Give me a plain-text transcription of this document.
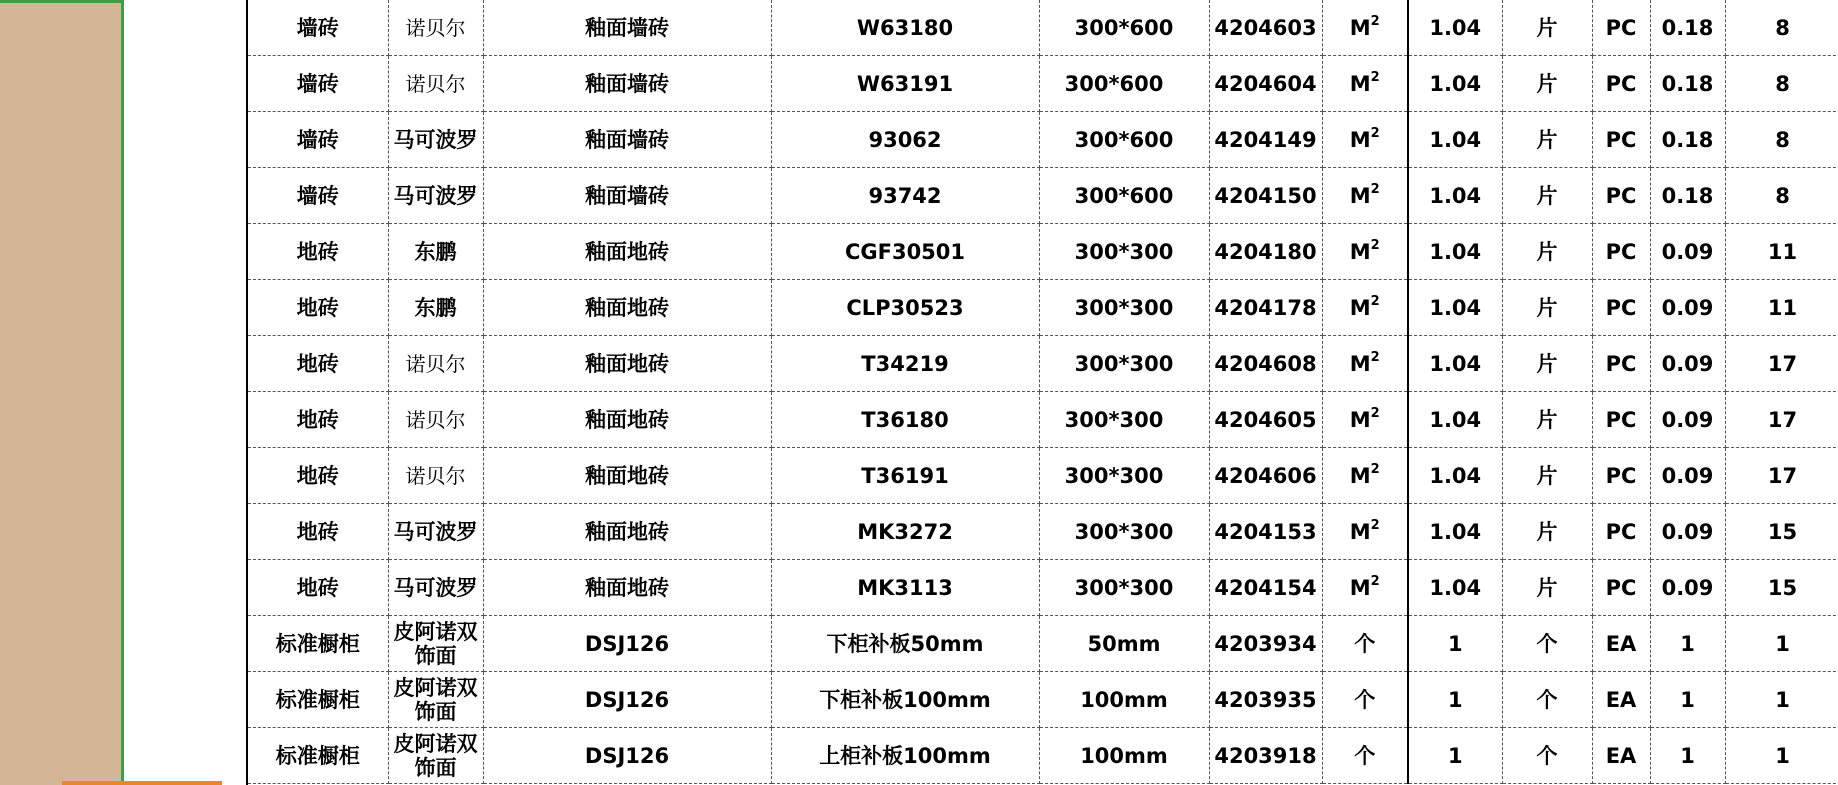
墙砖	诺贝尔	釉面墙砖	W63180	300*600	4204603	$M^2$	1.04	片	PC	0.18	8
墙砖	诺贝尔	釉面墙砖	W63191	300*600	4204604	$M^2$	1.04	片	PC	0.18	8
墙砖	马可波罗	釉面墙砖	93062	300*600	4204149	$M^2$	1.04	片	PC	0.18	8
墙砖	马可波罗	釉面墙砖	93742	300*600	4204150	$M^2$	1.04	片	PC	0.18	8
地砖	东鹏	釉面地砖	CGF30501	300*300	4204180	$M^2$	1.04	片	PC	0.09	11
地砖	东鹏	釉面地砖	CLP30523	300*300	4204178	$M^2$	1.04	片	PC	0.09	11
地砖	诺贝尔	釉面地砖	T34219	300*300	4204608	$M^2$	1.04	片	PC	0.09	17
地砖	诺贝尔	釉面地砖	T36180	300*300	4204605	$M^2$	1.04	片	PC	0.09	17
地砖	诺贝尔	釉面地砖	T36191	300*300	4204606	$M^2$	1.04	片	PC	0.09	17
地砖	马可波罗	釉面地砖	MK3272	300*300	4204153	$M^2$	1.04	片	PC	0.09	15
地砖	马可波罗	釉面地砖	MK3113	300*300	4204154	$M^2$	1.04	片	PC	0.09	15
标准橱柜	皮阿诺双饰面	DSJ126	下柜补板50mm	50mm	4203934	个	1	个	EA	1	1
标准橱柜	皮阿诺双饰面	DSJ126	下柜补板100mm	100mm	4203935	个	1	个	EA	1	1
标准橱柜	皮阿诺双饰面	DSJ126	上柜补板100mm	100mm	4203918	个	1	个	EA	1	1
